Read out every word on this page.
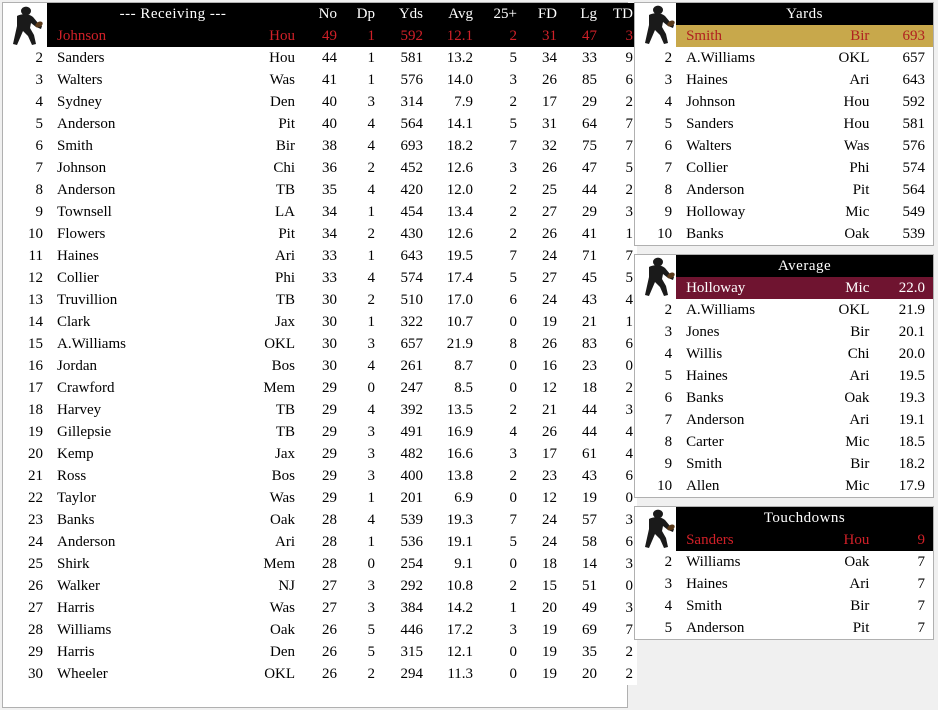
	--- Receiving ---		No	Dp	Yds	Avg	25+	FD	Lg	TD
	Johnson	Hou	49	1	592	12.1	2	31	47	3
2	Sanders	Hou	44	1	581	13.2	5	34	33	9
3	Walters	Was	41	1	576	14.0	3	26	85	6
4	Sydney	Den	40	3	314	7.9	2	17	29	2
5	Anderson	Pit	40	4	564	14.1	5	31	64	7
6	Smith	Bir	38	4	693	18.2	7	32	75	7
7	Johnson	Chi	36	2	452	12.6	3	26	47	5
8	Anderson	TB	35	4	420	12.0	2	25	44	2
9	Townsell	LA	34	1	454	13.4	2	27	29	3
10	Flowers	Pit	34	2	430	12.6	2	26	41	1
11	Haines	Ari	33	1	643	19.5	7	24	71	7
12	Collier	Phi	33	4	574	17.4	5	27	45	5
13	Truvillion	TB	30	2	510	17.0	6	24	43	4
14	Clark	Jax	30	1	322	10.7	0	19	21	1
15	A.Williams	OKL	30	3	657	21.9	8	26	83	6
16	Jordan	Bos	30	4	261	8.7	0	16	23	0
17	Crawford	Mem	29	0	247	8.5	0	12	18	2
18	Harvey	TB	29	4	392	13.5	2	21	44	3
19	Gillepsie	TB	29	3	491	16.9	4	26	44	4
20	Kemp	Jax	29	3	482	16.6	3	17	61	4
21	Ross	Bos	29	3	400	13.8	2	23	43	6
22	Taylor	Was	29	1	201	6.9	0	12	19	0
23	Banks	Oak	28	4	539	19.3	7	24	57	3
24	Anderson	Ari	28	1	536	19.1	5	24	58	6
25	Shirk	Mem	28	0	254	9.1	0	18	14	3
26	Walker	NJ	27	3	292	10.8	2	15	51	0
27	Harris	Was	27	3	384	14.2	1	20	49	3
28	Williams	Oak	26	5	446	17.2	3	19	69	7
29	Harris	Den	26	5	315	12.1	0	19	35	2
30	Wheeler	OKL	26	2	294	11.3	0	19	20	2
	Yards		
	Smith	Bir	693
2	A.Williams	OKL	657
3	Haines	Ari	643
4	Johnson	Hou	592
5	Sanders	Hou	581
6	Walters	Was	576
7	Collier	Phi	574
8	Anderson	Pit	564
9	Holloway	Mic	549
10	Banks	Oak	539
	Average		
	Holloway	Mic	22.0
2	A.Williams	OKL	21.9
3	Jones	Bir	20.1
4	Willis	Chi	20.0
5	Haines	Ari	19.5
6	Banks	Oak	19.3
7	Anderson	Ari	19.1
8	Carter	Mic	18.5
9	Smith	Bir	18.2
10	Allen	Mic	17.9
	Touchdowns		
	Sanders	Hou	9
2	Williams	Oak	7
3	Haines	Ari	7
4	Smith	Bir	7
5	Anderson	Pit	7
